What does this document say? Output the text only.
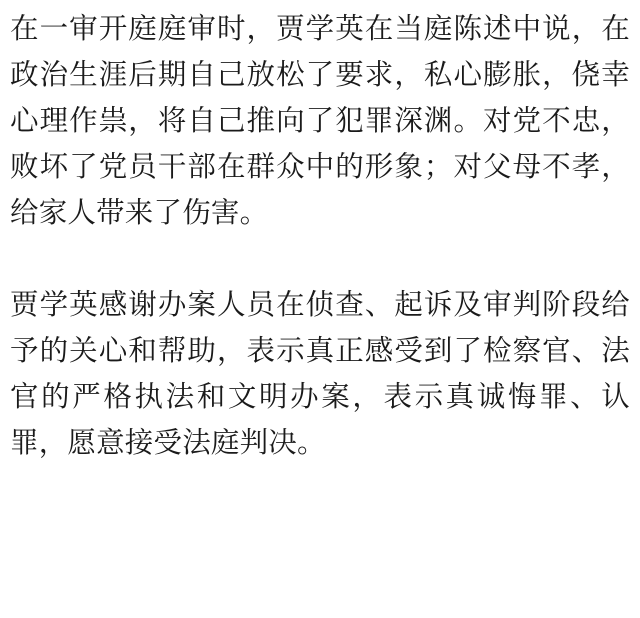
在一审开庭庭审时，贾学英在当庭陈述中说，在政治生涯后期自己放松了要求，私心膨胀，侥幸心理作祟，将自己推向了犯罪深渊。对党不忠，败坏了党员干部在群众中的形象；对父母不孝，给家人带来了伤害。

贾学英感谢办案人员在侦查、起诉及审判阶段给予的关心和帮助，表示真正感受到了检察官、法官的严格执法和文明办案，表示真诚悔罪、认罪，愿意接受法庭判决。
